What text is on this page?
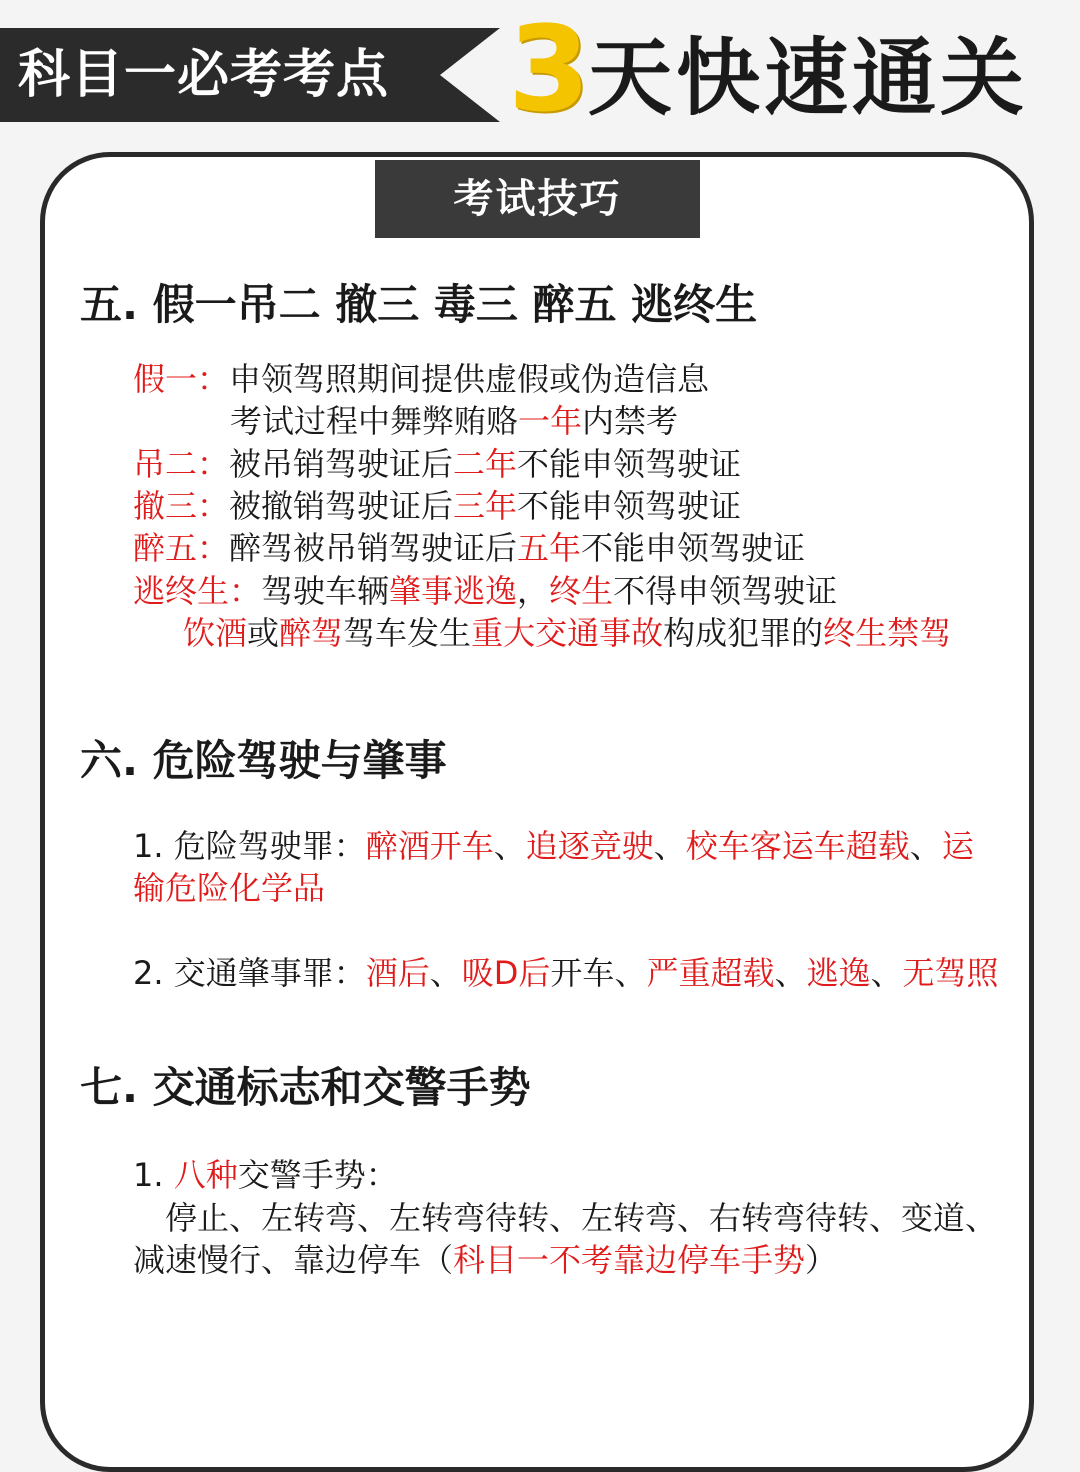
科目一必考考点 3
天快速通关
考试技巧
五. 假一吊二 撤三 毒三 醉五 逃终生
假一：申领驾照期间提供虚假或伪造信息
考试过程中舞弊贿赂一年内禁考
吊二：被吊销驾驶证后二年不能申领驾驶证
撤三：被撤销驾驶证后三年不能申领驾驶证
醉五：醉驾被吊销驾驶证后五年不能申领驾驶证
逃终生：驾驶车辆肇事逃逸，终生不得申领驾驶证
饮酒或醉驾驾车发生重大交通事故构成犯罪的终生禁驾
六. 危险驾驶与肇事
1. 危险驾驶罪：醉酒开车、追逐竞驶、校车客运车超载、运
输危险化学品
2. 交通肇事罪：酒后、吸D后开车、严重超载、逃逸、无驾照
七. 交通标志和交警手势
1. 八种交警手势：
停止、左转弯、左转弯待转、左转弯、右转弯待转、变道、
减速慢行、靠边停车（科目一不考靠边停车手势）
